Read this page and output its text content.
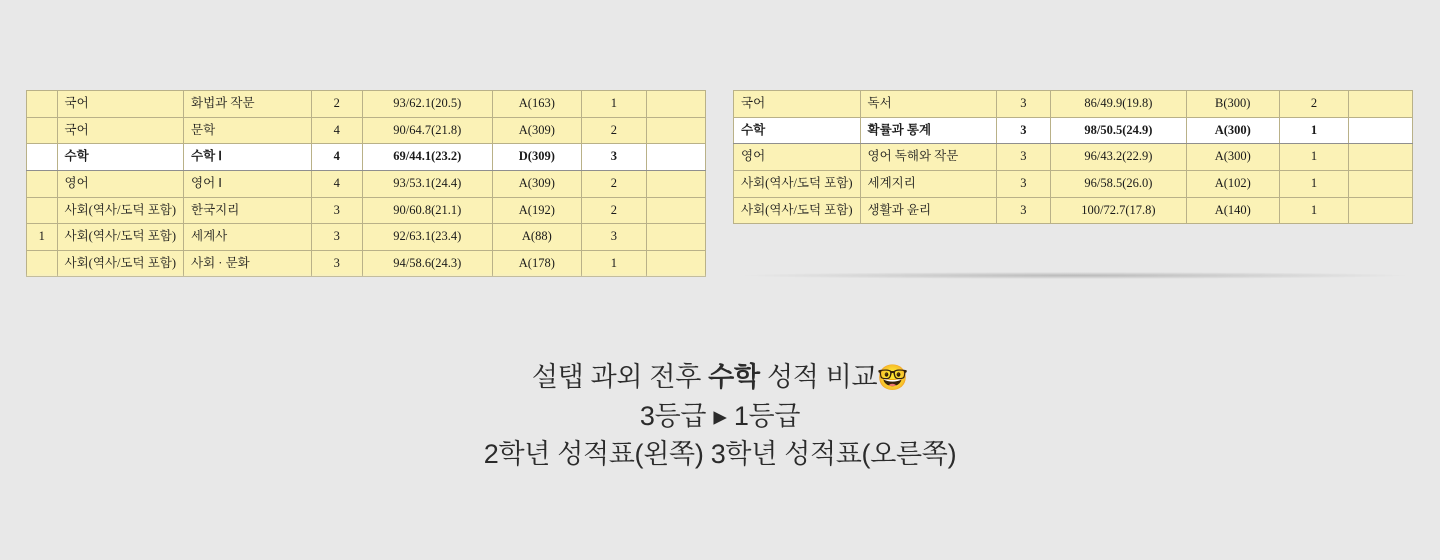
	국어	화법과 작문	2	93/62.1(20.5)	A(163)	1	
	국어	문학	4	90/64.7(21.8)	A(309)	2	
	수학	수학 Ⅰ	4	69/44.1(23.2)	D(309)	3	
	영어	영어 Ⅰ	4	93/53.1(24.4)	A(309)	2	
	사회(역사/도덕 포함)	한국지리	3	90/60.8(21.1)	A(192)	2	
1	사회(역사/도덕 포함)	세계사	3	92/63.1(23.4)	A(88)	3	
	사회(역사/도덕 포함)	사회 · 문화	3	94/58.6(24.3)	A(178)	1	
국어	독서	3	86/49.9(19.8)	B(300)	2	
수학	확률과 통계	3	98/50.5(24.9)	A(300)	1	
영어	영어 독해와 작문	3	96/43.2(22.9)	A(300)	1	
사회(역사/도덕 포함)	세계지리	3	96/58.5(26.0)	A(102)	1	
사회(역사/도덕 포함)	생활과 윤리	3	100/72.7(17.8)	A(140)	1	
설탭 과외 전후 수학 성적 비교🤓
3등급 ▸ 1등급
2학년 성적표(왼쪽) 3학년 성적표(오른쪽)
